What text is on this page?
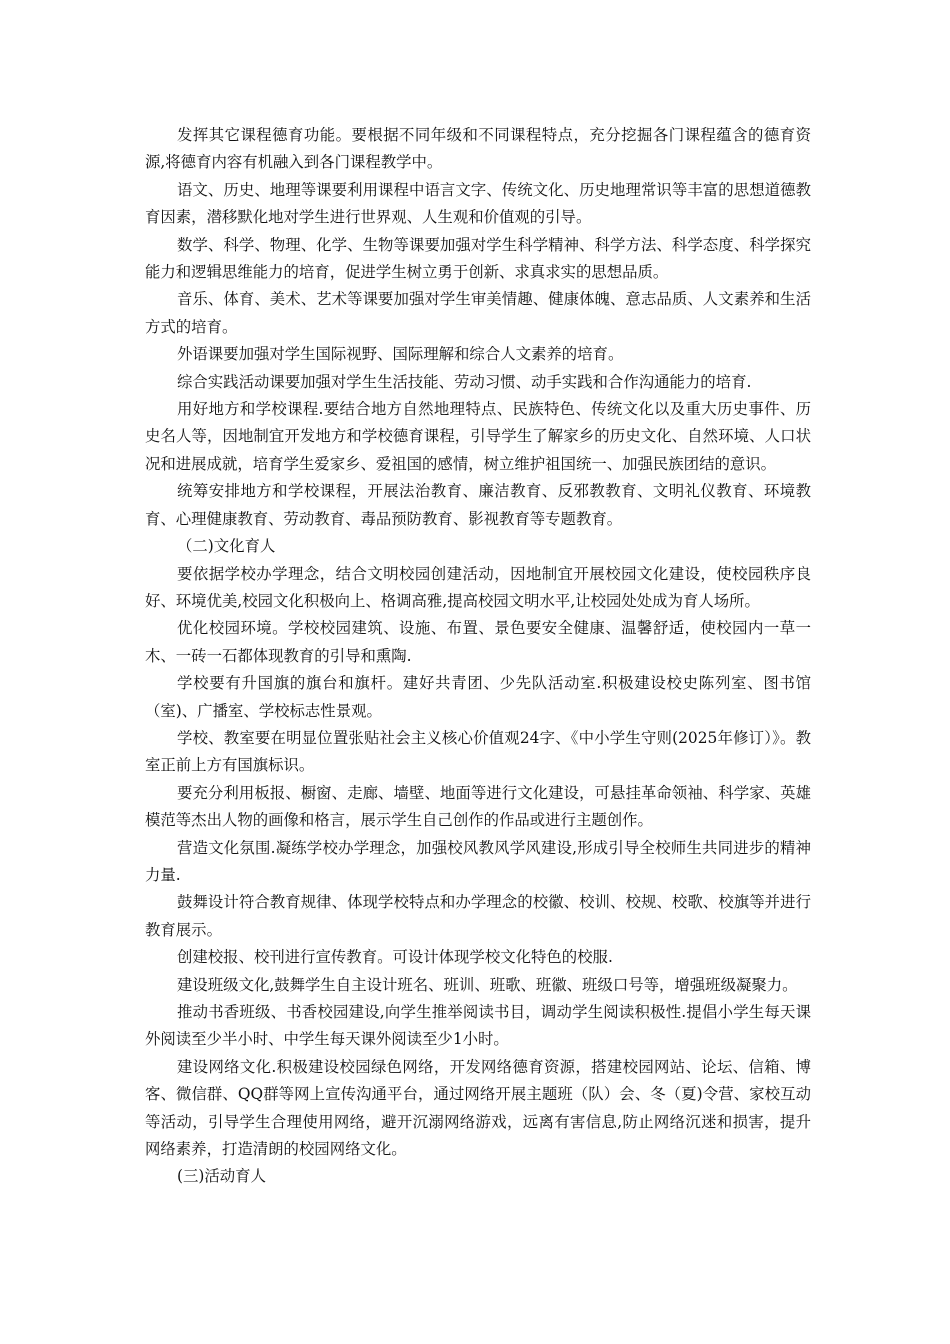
发挥其它课程德育功能。要根据不同年级和不同课程特点，充分挖掘各门课程蕴含的德育资源,将德育内容有机融入到各门课程教学中。

语文、历史、地理等课要利用课程中语言文字、传统文化、历史地理常识等丰富的思想道德教育因素，潜移默化地对学生进行世界观、人生观和价值观的引导。

数学、科学、物理、化学、生物等课要加强对学生科学精神、科学方法、科学态度、科学探究能力和逻辑思维能力的培育，促进学生树立勇于创新、求真求实的思想品质。

音乐、体育、美术、艺术等课要加强对学生审美情趣、健康体魄、意志品质、人文素养和生活方式的培育。

外语课要加强对学生国际视野、国际理解和综合人文素养的培育。

综合实践活动课要加强对学生生活技能、劳动习惯、动手实践和合作沟通能力的培育.

用好地方和学校课程.要结合地方自然地理特点、民族特色、传统文化以及重大历史事件、历史名人等，因地制宜开发地方和学校德育课程，引导学生了解家乡的历史文化、自然环境、人口状况和进展成就，培育学生爱家乡、爱祖国的感情，树立维护祖国统一、加强民族团结的意识。

统筹安排地方和学校课程，开展法治教育、廉洁教育、反邪教教育、文明礼仪教育、环境教育、心理健康教育、劳动教育、毒品预防教育、影视教育等专题教育。

（二)文化育人

要依据学校办学理念，结合文明校园创建活动，因地制宜开展校园文化建设，使校园秩序良好、环境优美,校园文化积极向上、格调高雅,提高校园文明水平,让校园处处成为育人场所。

优化校园环境。学校校园建筑、设施、布置、景色要安全健康、温馨舒适，使校园内一草一木、一砖一石都体现教育的引导和熏陶.

学校要有升国旗的旗台和旗杆。建好共青团、少先队活动室.积极建设校史陈列室、图书馆（室)、广播室、学校标志性景观。

学校、教室要在明显位置张贴社会主义核心价值观24字、《中小学生守则(2025年修订）》。教室正前上方有国旗标识。

要充分利用板报、橱窗、走廊、墙壁、地面等进行文化建设，可悬挂革命领袖、科学家、英雄模范等杰出人物的画像和格言，展示学生自己创作的作品或进行主题创作。

营造文化氛围.凝练学校办学理念，加强校风教风学风建设,形成引导全校师生共同进步的精神力量.

鼓舞设计符合教育规律、体现学校特点和办学理念的校徽、校训、校规、校歌、校旗等并进行教育展示。

创建校报、校刊进行宣传教育。可设计体现学校文化特色的校服.

建设班级文化,鼓舞学生自主设计班名、班训、班歌、班徽、班级口号等，增强班级凝聚力。

推动书香班级、书香校园建设,向学生推举阅读书目，调动学生阅读积极性.提倡小学生每天课外阅读至少半小时、中学生每天课外阅读至少1小时。

建设网络文化.积极建设校园绿色网络，开发网络德育资源，搭建校园网站、论坛、信箱、博客、微信群、QQ群等网上宣传沟通平台，通过网络开展主题班（队）会、冬（夏)令营、家校互动等活动，引导学生合理使用网络，避开沉溺网络游戏，远离有害信息,防止网络沉迷和损害，提升网络素养，打造清朗的校园网络文化。

(三)活动育人
